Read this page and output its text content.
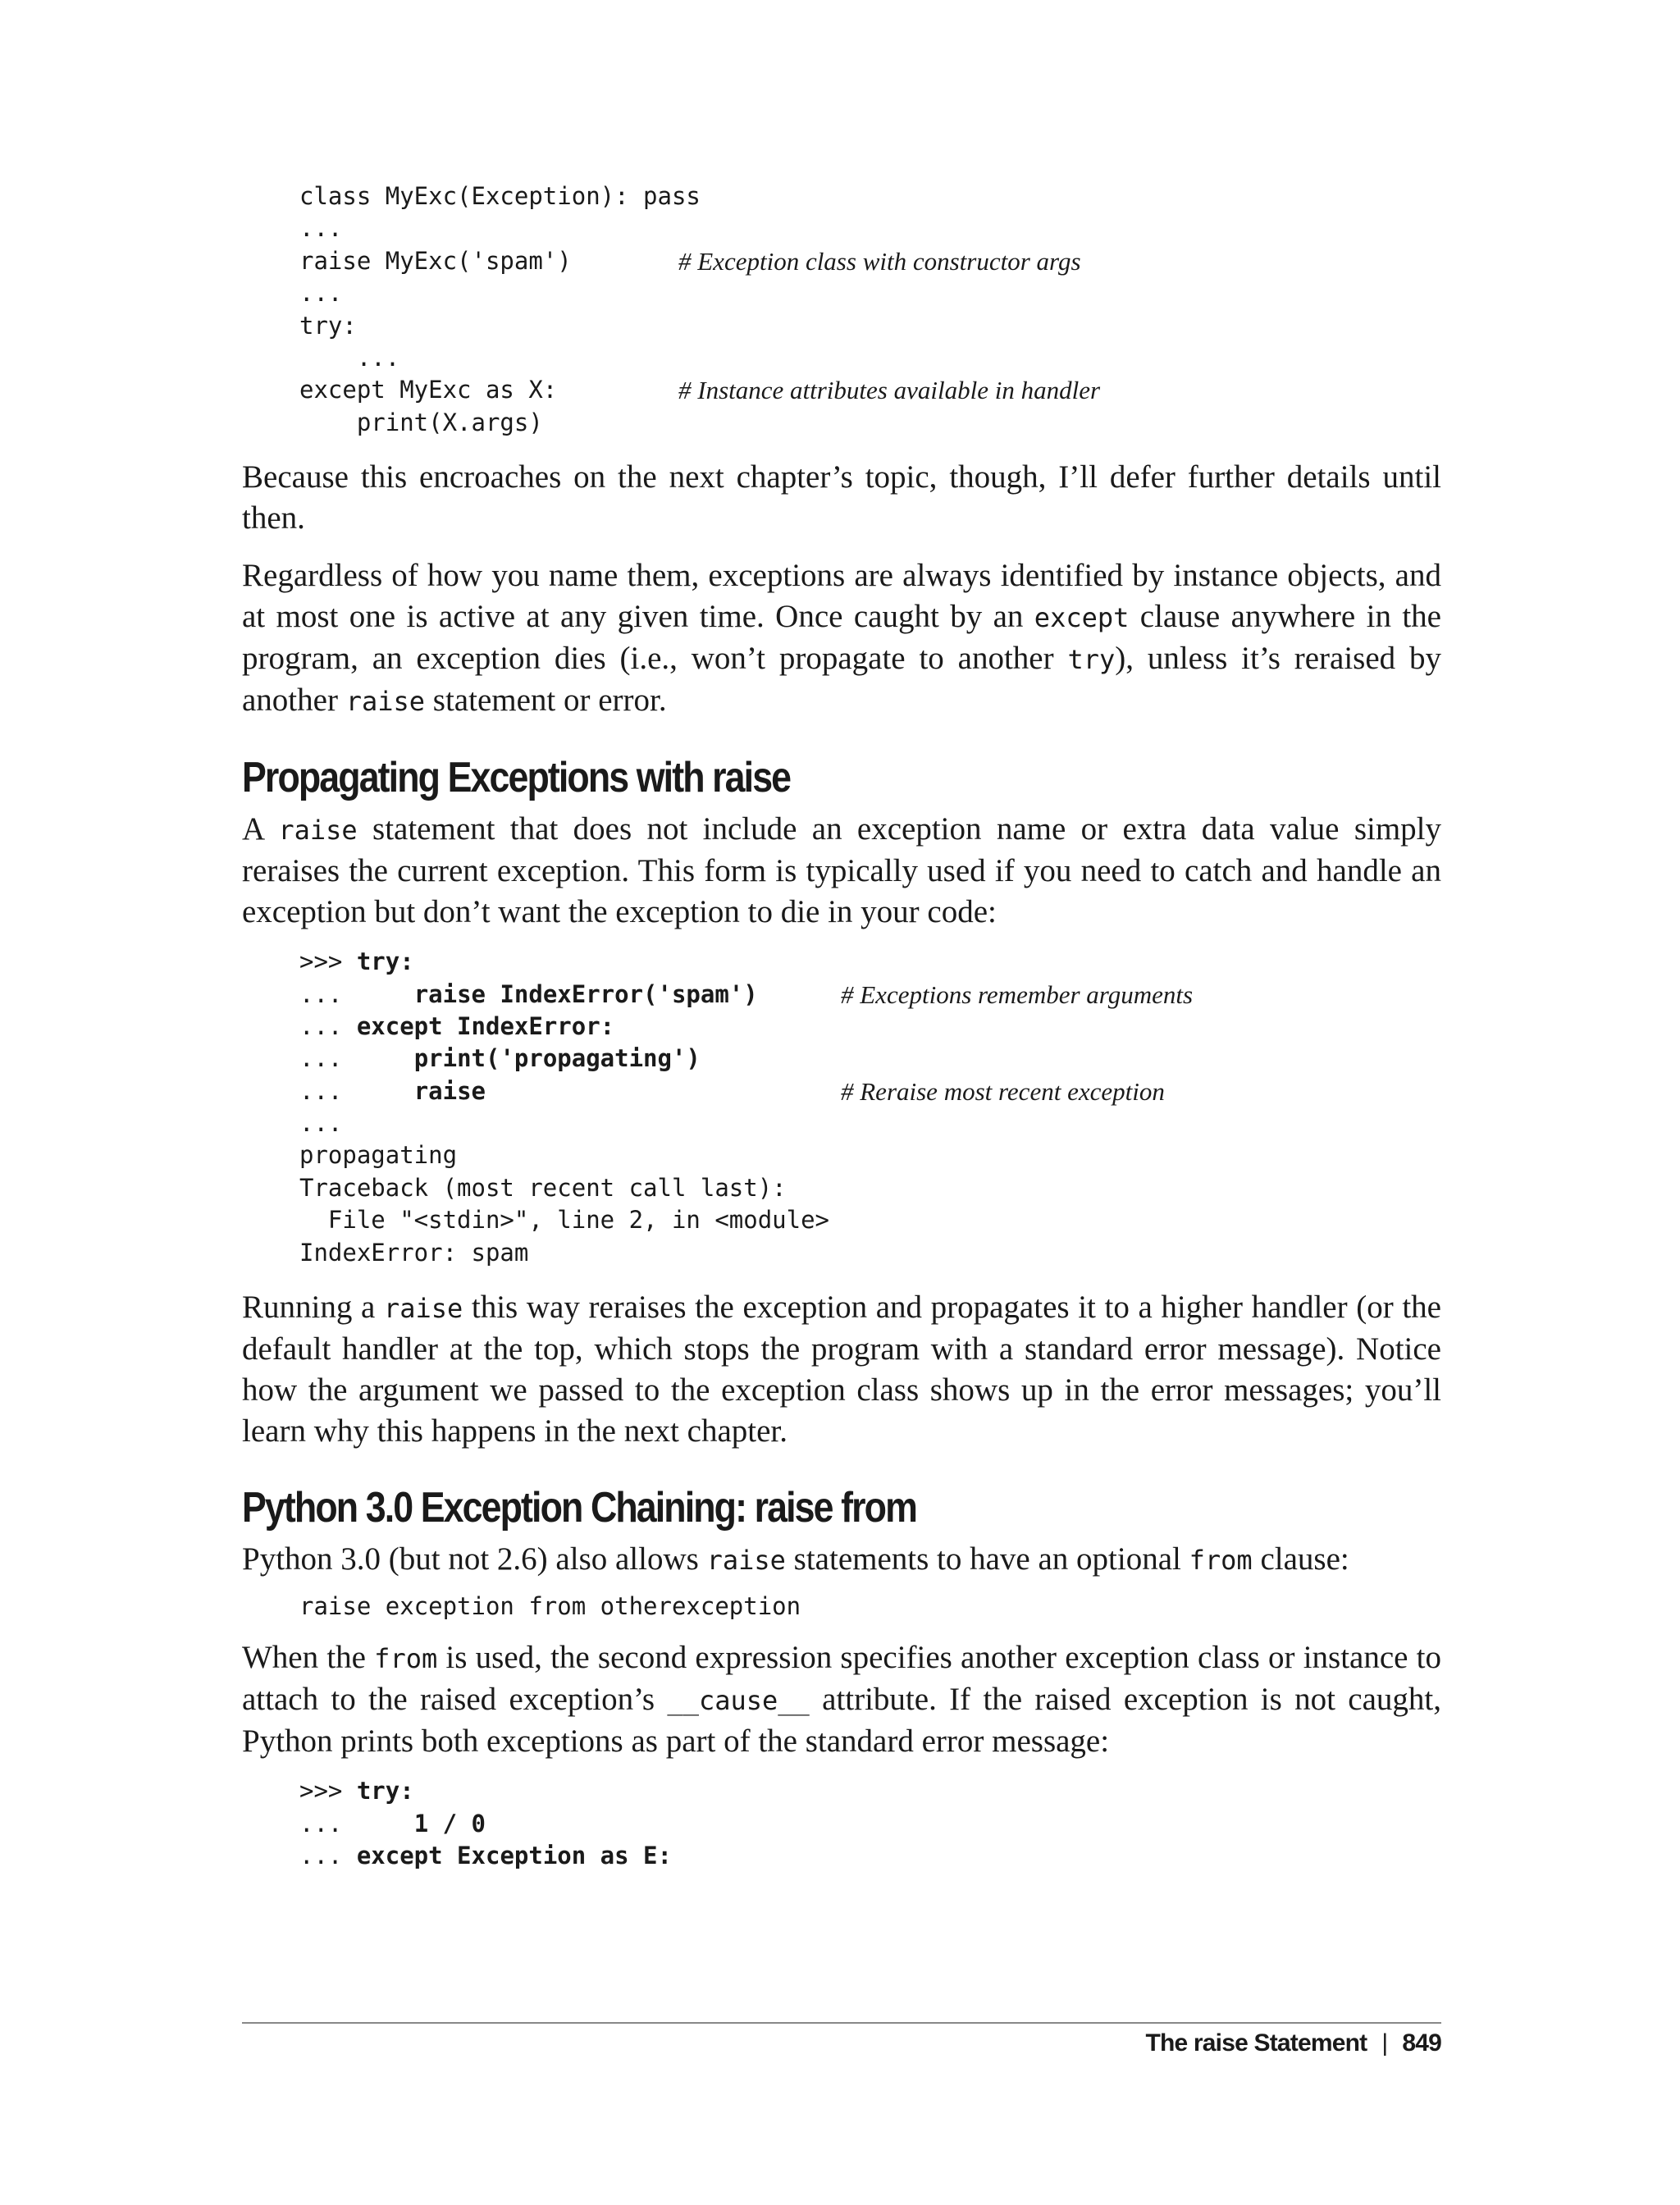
class MyExc(Exception): pass
...
raise MyExc('spam')	# Exception class with constructor args
...
try:
...
except MyExc as X:	# Instance attributes available in handler
print(X.args)

Because this encroaches on the next chapter’s topic, though, I’ll defer further details until then.

Regardless of how you name them, exceptions are always identified by instance objects, and at most one is active at any given time. Once caught by an except clause anywhere in the program, an exception dies (i.e., won’t propagate to another try), unless it’s reraised by another raise statement or error.

Propagating Exceptions with raise

A raise statement that does not include an exception name or extra data value simply reraises the current exception. This form is typically used if you need to catch and handle an exception but don’t want the exception to die in your code:

>>> try:
...     raise IndexError('spam')	# Exceptions remember arguments
... except IndexError:
...     print('propagating')
...     raise	# Reraise most recent exception
...
propagating
Traceback (most recent call last):
File "<stdin>", line 2, in <module>
IndexError: spam

Running a raise this way reraises the exception and propagates it to a higher handler (or the default handler at the top, which stops the program with a standard error message). Notice how the argument we passed to the exception class shows up in the error messages; you’ll learn why this happens in the next chapter.

Python 3.0 Exception Chaining: raise from

Python 3.0 (but not 2.6) also allows raise statements to have an optional from clause:

raise exception from otherexception

When the from is used, the second expression specifies another exception class or instance to attach to the raised exception’s __cause__ attribute. If the raised exception is not caught, Python prints both exceptions as part of the standard error message:

>>> try:
...     1 / 0
... except Exception as E:
The raise Statement | 849
